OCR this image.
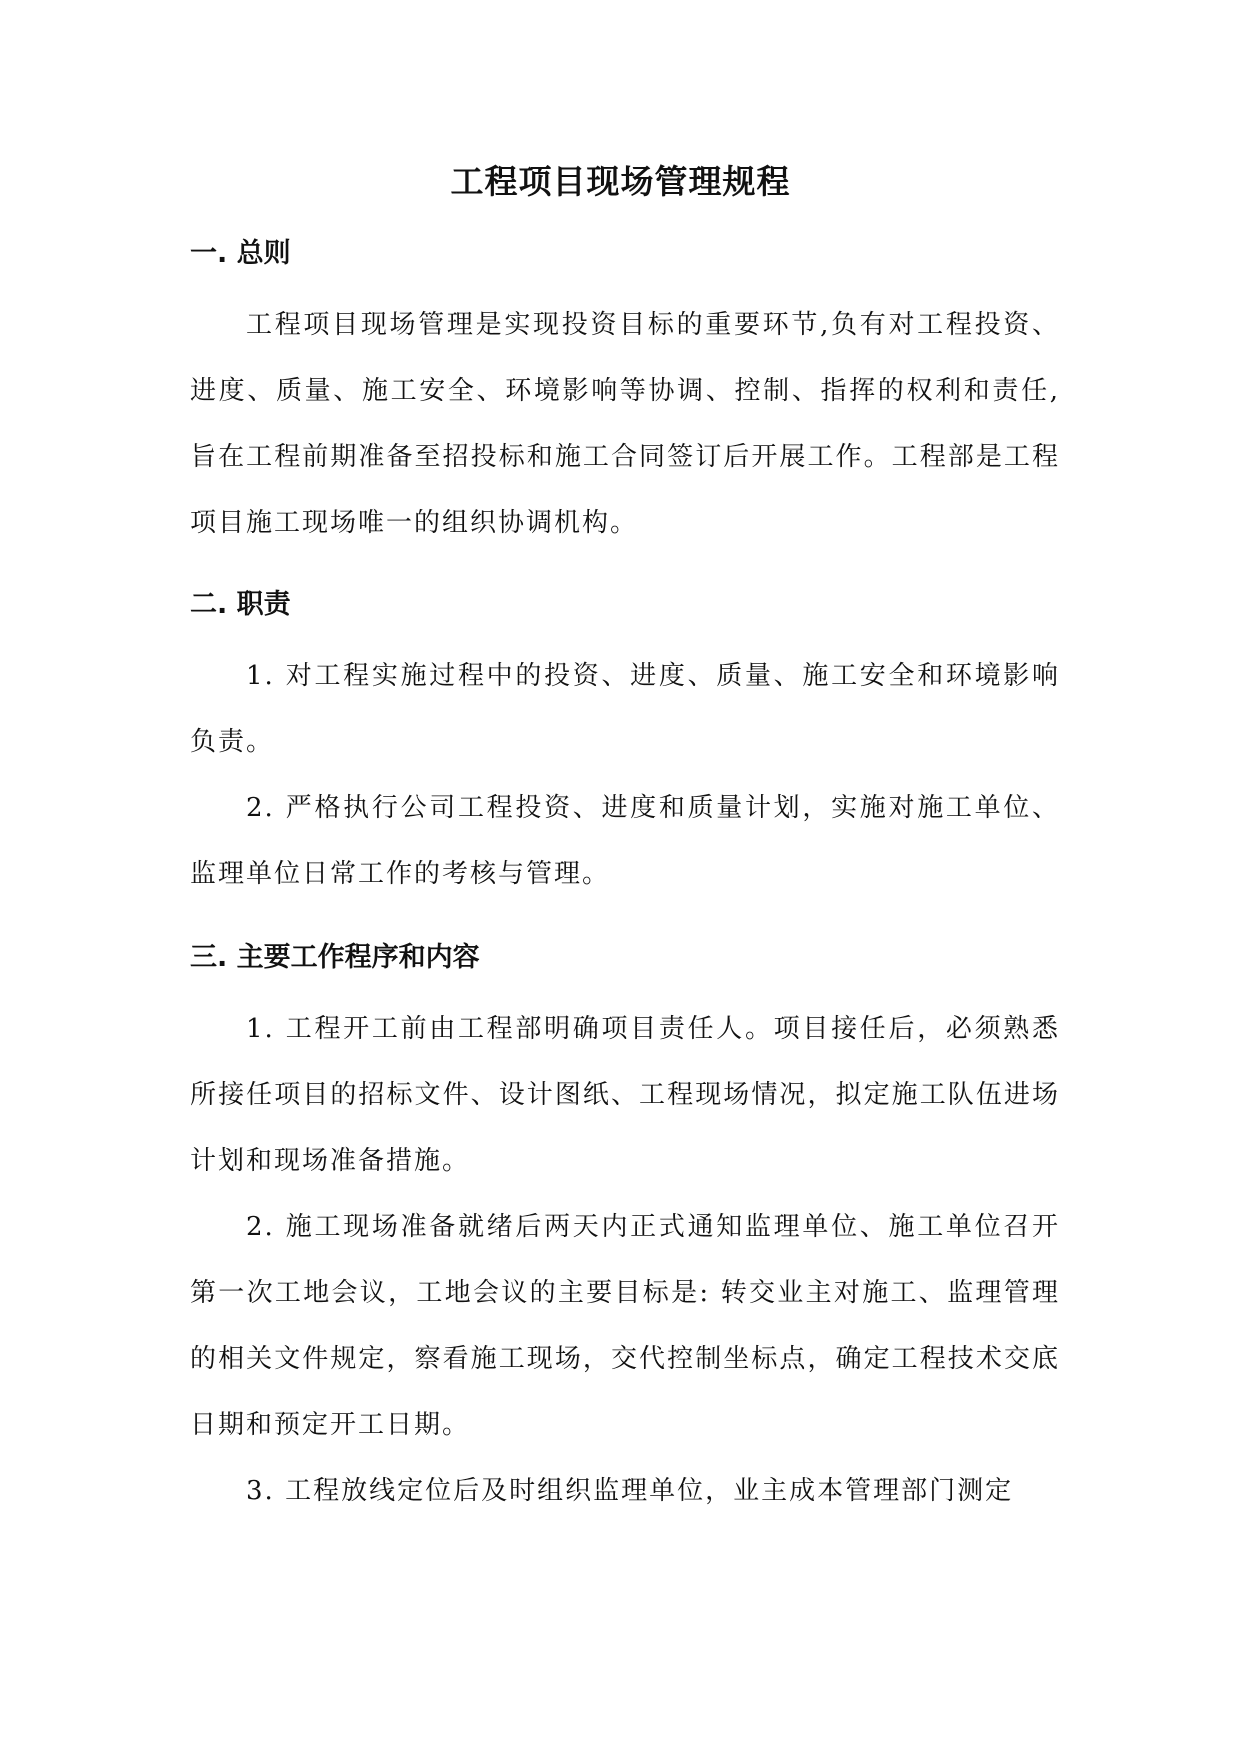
工程项目现场管理规程

一. 总则

工程项目现场管理是实现投资目标的重要环节,负有对工程投资、进度、质量、施工安全、环境影响等协调、控制、指挥的权利和责任,旨在工程前期准备至招投标和施工合同签订后开展工作。工程部是工程项目施工现场唯一的组织协调机构。

二. 职责

1. 对工程实施过程中的投资、进度、质量、施工安全和环境影响负责。

2. 严格执行公司工程投资、进度和质量计划，实施对施工单位、监理单位日常工作的考核与管理。

三. 主要工作程序和内容

1. 工程开工前由工程部明确项目责任人。项目接任后，必须熟悉所接任项目的招标文件、设计图纸、工程现场情况，拟定施工队伍进场计划和现场准备措施。

2. 施工现场准备就绪后两天内正式通知监理单位、施工单位召开第一次工地会议，工地会议的主要目标是: 转交业主对施工、监理管理的相关文件规定，察看施工现场，交代控制坐标点，确定工程技术交底日期和预定开工日期。

3. 工程放线定位后及时组织监理单位，业主成本管理部门测定
